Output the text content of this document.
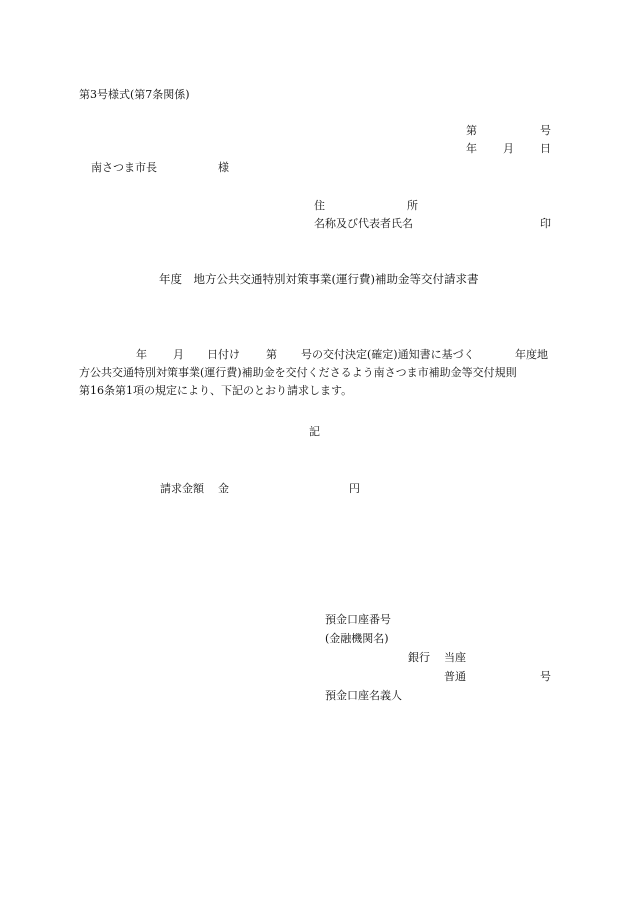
第3号様式(第7条関係)
第	号
年 月 日
南さつま市長	様
住	所
名称及び代表者氏名	印
年度　地方公共交通特別対策事業(運行費)補助金等交付請求書
年 月 日付け 第 号の交付決定(確定)通知書に基づく	年度地
方公共交通特別対策事業(運行費)補助金を交付くださるよう南さつま市補助金等交付規則
第16条第1項の規定により、下記のとおり請求します。
記
請求金額 金	円
預金口座番号
(金融機関名)
銀行 当座
普通	号
預金口座名義人
